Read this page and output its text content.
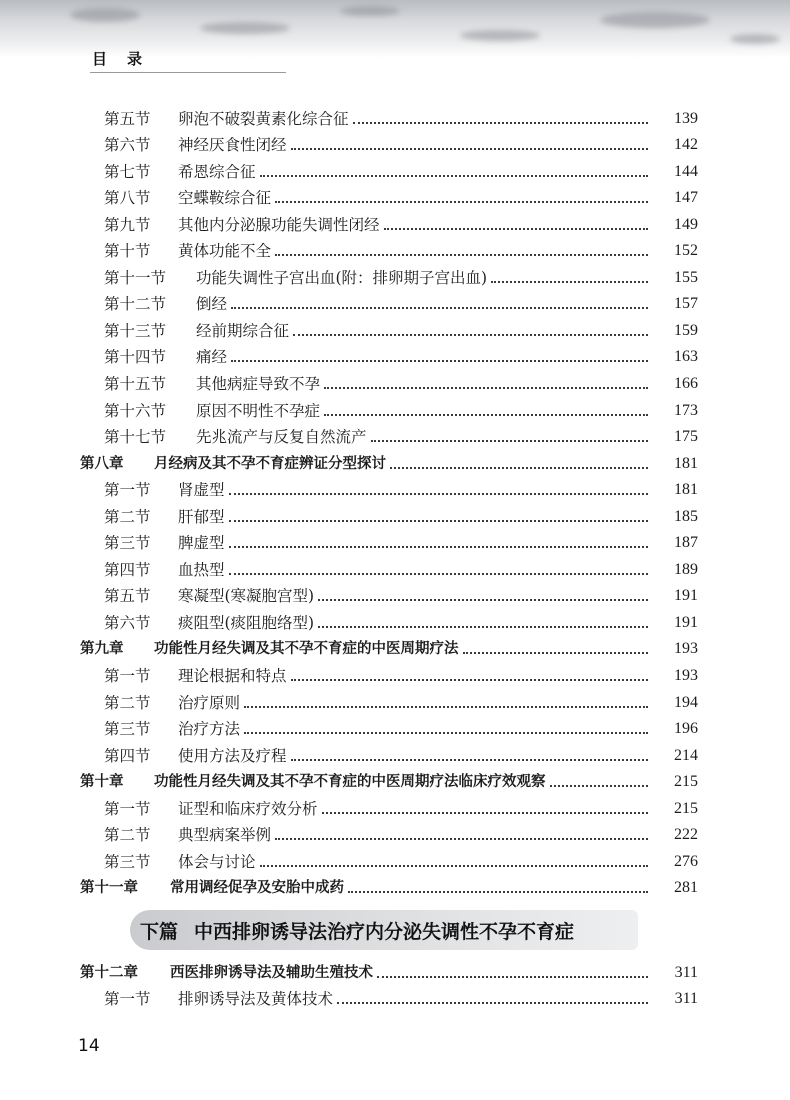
目录
第五节 卵泡不破裂黄素化综合征	139
第六节 神经厌食性闭经	142
第七节 希恩综合征	144
第八节 空蝶鞍综合征	147
第九节 其他内分泌腺功能失调性闭经	149
第十节 黄体功能不全	152
第十一节 功能失调性子宫出血(附：排卵期子宫出血)	155
第十二节 倒经	157
第十三节 经前期综合征	159
第十四节 痛经	163
第十五节 其他病症导致不孕	166
第十六节 原因不明性不孕症	173
第十七节 先兆流产与反复自然流产	175
第八章 月经病及其不孕不育症辨证分型探讨	181
第一节 肾虚型	181
第二节 肝郁型	185
第三节 脾虚型	187
第四节 血热型	189
第五节 寒凝型(寒凝胞宫型)	191
第六节 痰阻型(痰阻胞络型)	191
第九章 功能性月经失调及其不孕不育症的中医周期疗法	193
第一节 理论根据和特点	193
第二节 治疗原则	194
第三节 治疗方法	196
第四节 使用方法及疗程	214
第十章 功能性月经失调及其不孕不育症的中医周期疗法临床疗效观察	215
第一节 证型和临床疗效分析	215
第二节 典型病案举例	222
第三节 体会与讨论	276
第十一章 常用调经促孕及安胎中成药	281
下篇 中西排卵诱导法治疗内分泌失调性不孕不育症
第十二章 西医排卵诱导法及辅助生殖技术	311
第一节 排卵诱导法及黄体技术	311
14
